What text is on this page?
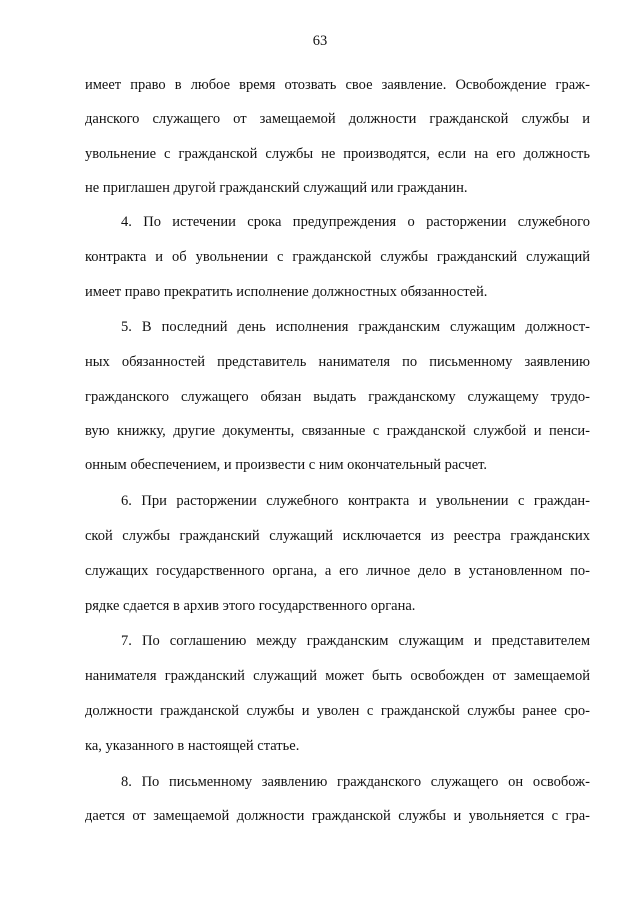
63
имеет право в любое время отозвать свое заявление. Освобождение граж-
данского служащего от замещаемой должности гражданской службы и
увольнение с гражданской службы не производятся, если на его должность
не приглашен другой гражданский служащий или гражданин.
4. По истечении срока предупреждения о расторжении служебного
контракта и об увольнении с гражданской службы гражданский служащий
имеет право прекратить исполнение должностных обязанностей.
5. В последний день исполнения гражданским служащим должност-
ных обязанностей представитель нанимателя по письменному заявлению
гражданского служащего обязан выдать гражданскому служащему трудо-
вую книжку, другие документы, связанные с гражданской службой и пенси-
онным обеспечением, и произвести с ним окончательный расчет.
6. При расторжении служебного контракта и увольнении с граждан-
ской службы гражданский служащий исключается из реестра гражданских
служащих государственного органа, а его личное дело в установленном по-
рядке сдается в архив этого государственного органа.
7. По соглашению между гражданским служащим и представителем
нанимателя гражданский служащий может быть освобожден от замещаемой
должности гражданской службы и уволен с гражданской службы ранее сро-
ка, указанного в настоящей статье.
8. По письменному заявлению гражданского служащего он освобож-
дается от замещаемой должности гражданской службы и увольняется с гра-
